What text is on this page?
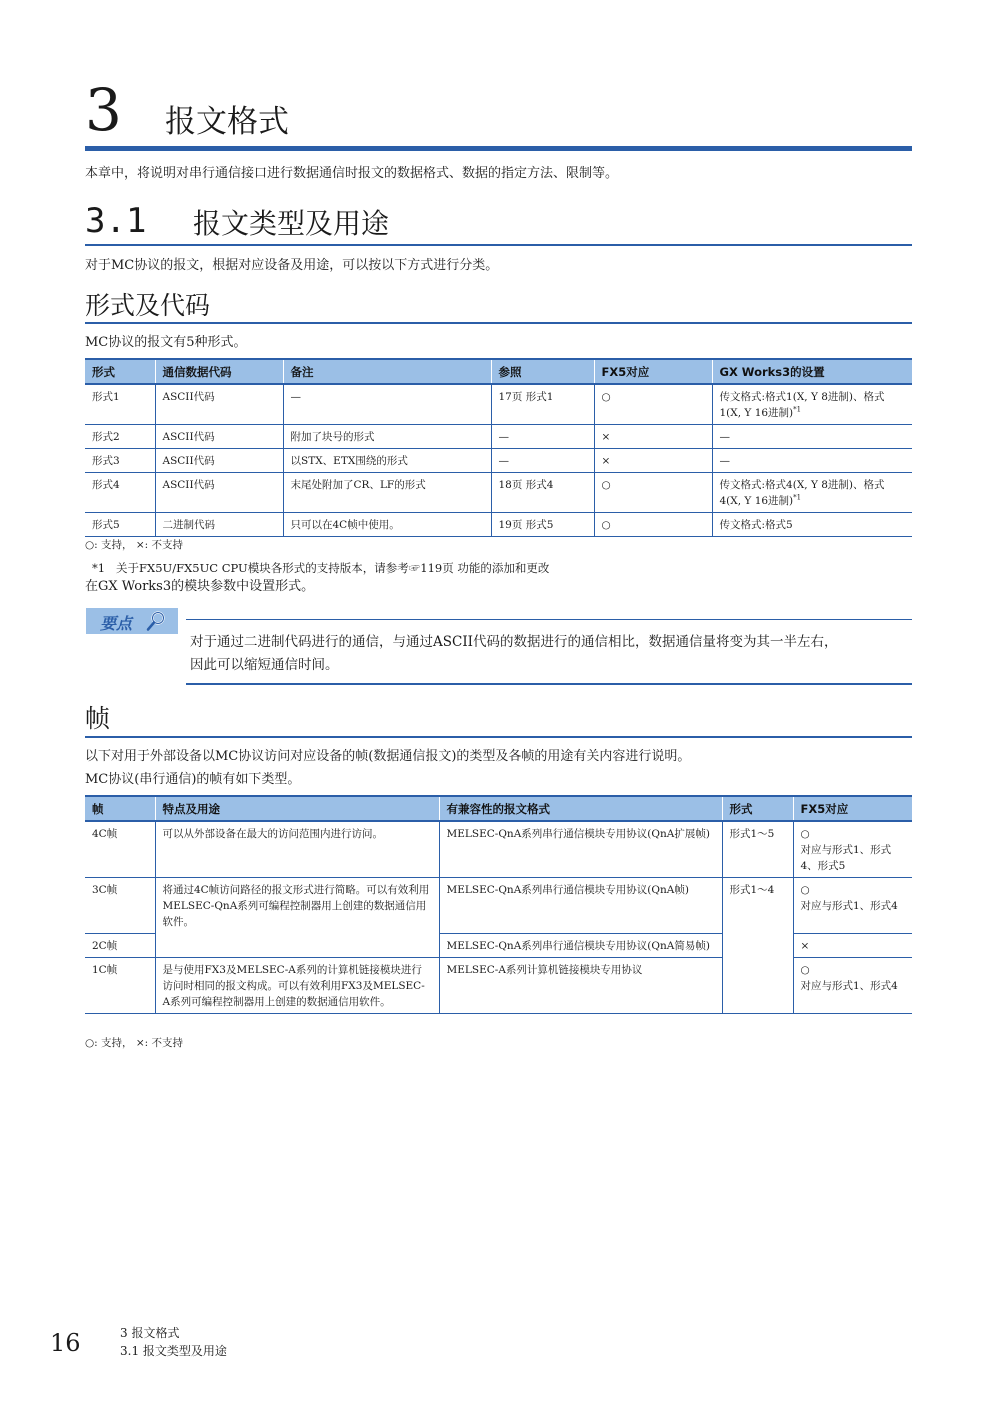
3 报文格式
本章中，将说明对串行通信接口进行数据通信时报文的数据格式、数据的指定方法、限制等。
3.1 报文类型及用途
对于MC协议的报文，根据对应设备及用途，可以按以下方式进行分类。
形式及代码
MC协议的报文有5种形式。
形式	通信数据代码	备注	参照	FX5对应	GX Works3的设置
形式1	ASCII代码	—	17页 形式1	○	传文格式:格式1(X, Y 8进制)、格式1(X, Y 16进制)$^{*1}$
形式2	ASCII代码	附加了块号的形式	—	×	—
形式3	ASCII代码	以STX、ETX围绕的形式	—	×	—
形式4	ASCII代码	末尾处附加了CR、LF的形式	18页 形式4	○	传文格式:格式4(X, Y 8进制)、格式4(X, Y 16进制)$^{*1}$
形式5	二进制代码	只可以在4C帧中使用。	19页 形式5	○	传文格式:格式5
○: 支持， ×: 不支持
*1 关于FX5U/FX5UC CPU模块各形式的支持版本，请参考☞119页 功能的添加和更改
在GX Works3的模块参数中设置形式。
要点
对于通过二进制代码进行的通信，与通过ASCII代码的数据进行的通信相比，数据通信量将变为其一半左右，
因此可以缩短通信时间。
帧
以下对用于外部设备以MC协议访问对应设备的帧(数据通信报文)的类型及各帧的用途有关内容进行说明。
MC协议(串行通信)的帧有如下类型。
帧	特点及用途	有兼容性的报文格式	形式	FX5对应
4C帧	可以从外部设备在最大的访问范围内进行访问。	MELSEC-QnA系列串行通信模块专用协议(QnA扩展帧)	形式1～5	○
对应与形式1、形式4、形式5

3C帧	将通过4C帧访问路径的报文形式进行简略。可以有效利用MELSEC-QnA系列可编程控制器用上创建的数据通信用软件。	MELSEC-QnA系列串行通信模块专用协议(QnA帧)	形式1～4	○
对应与形式1、形式4

2C帧		MELSEC-QnA系列串行通信模块专用协议(QnA简易帧)		×

1C帧	是与使用FX3及MELSEC-A系列的计算机链接模块进行访问时相同的报文构成。可以有效利用FX3及MELSEC-A系列可编程控制器用上创建的数据通信用软件。	MELSEC-A系列计算机链接模块专用协议		○
对应与形式1、形式4
○: 支持， ×: 不支持
16	3 报文格式
3.1 报文类型及用途
